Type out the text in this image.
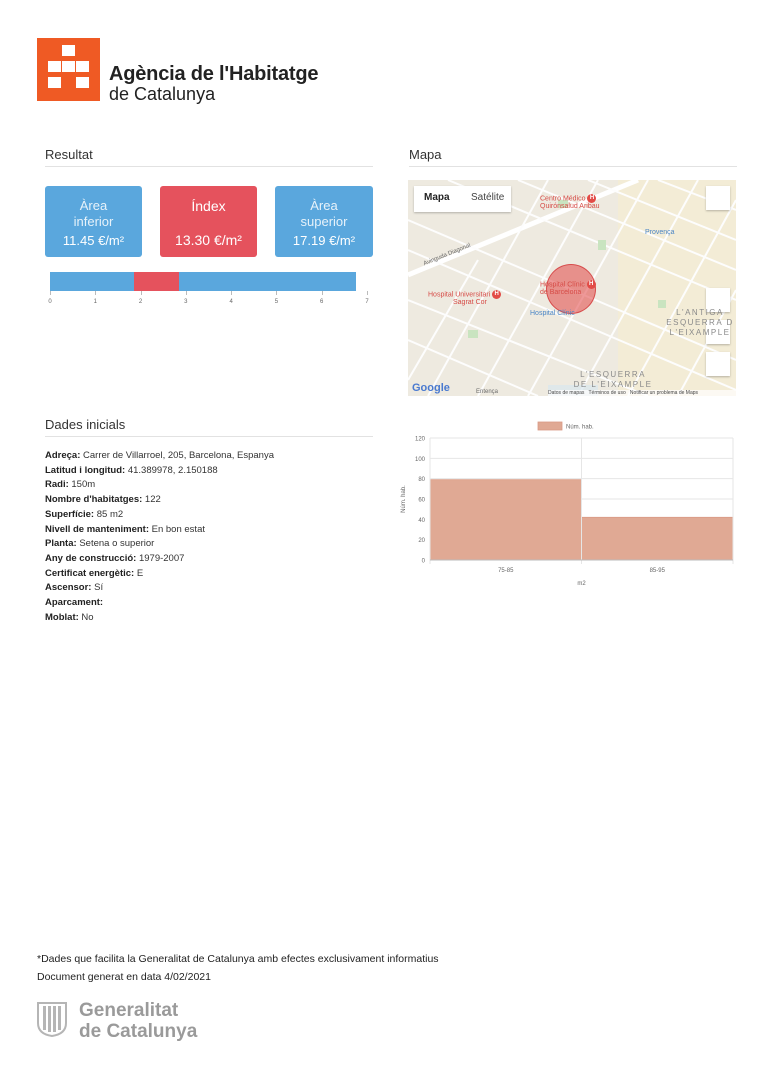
Agència de l'Habitatge
de Catalunya
Resultat
Àrea
inferior
11.45 €/m²
Índex
13.30 €/m²
Àrea
superior
17.19 €/m²
0	1	2	3	4	5	6	7
Mapa
Mapa Satélite	Centro Médico H
Quirónsalud Aribau
Hospital Universitari H
Sagrat Cor
Hospital Clínic H
de Barcelona
Hospital Clínic
Provença
L'ANTIGA
ESQUERRA D
L'EIXAMPLE
L'ESQUERRA
DE L'EIXAMPLE
Avinguda Diagonal
Entença
Google	Datos de mapas Términos de uso Notificar un problema de Maps
Dades inicials
Adreça: Carrer de Villarroel, 205, Barcelona, Espanya
Latitud i longitud: 41.389978, 2.150188
Radi: 150m
Nombre d'habitatges: 122
Superfície: 85 m2
Nivell de manteniment: En bon estat
Planta: Setena o superior
Any de construcció: 1979-2007
Certificat energètic: E
Ascensor: Sí
Aparcament:
Moblat: No
0
20
40
60
80
100
120
75-85	85-95
m2
Núm. hab.
Núm. hab.
*Dades que facilita la Generalitat de Catalunya amb efectes exclusivament informatius
Document generat en data 4/02/2021
Generalitat
de Catalunya
